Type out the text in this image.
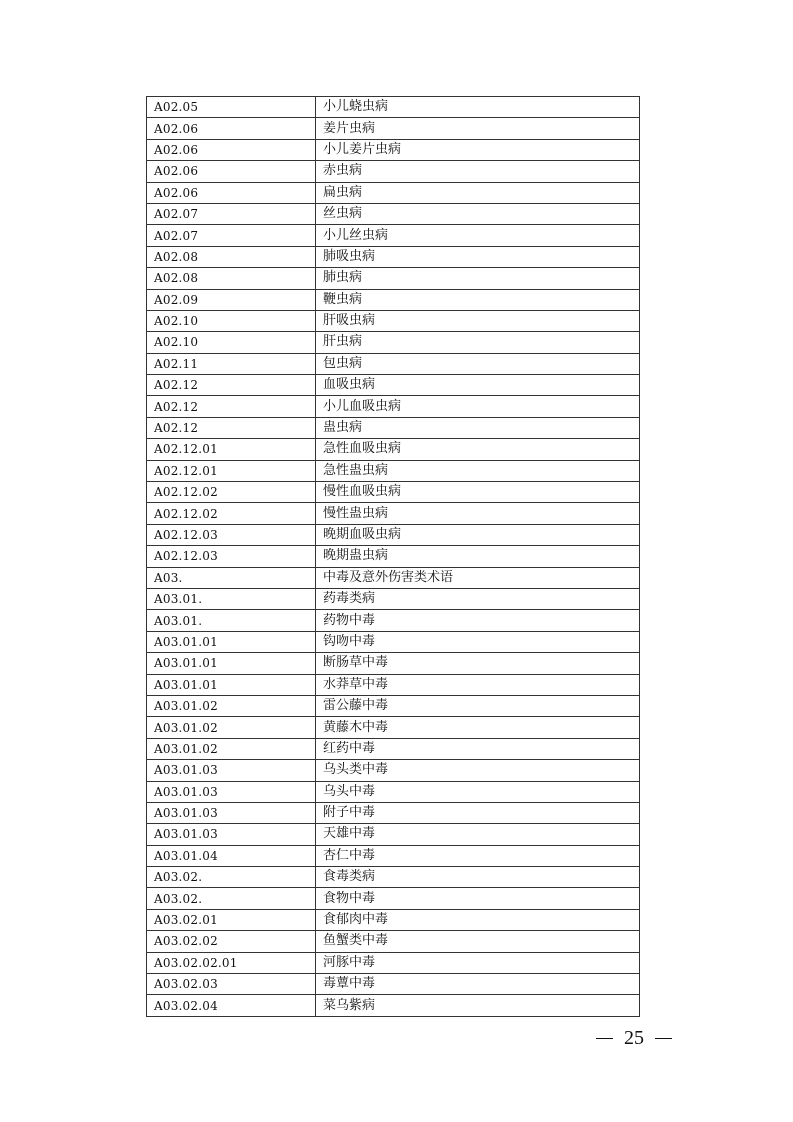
A02.05	小儿蛲虫病
A02.06	姜片虫病
A02.06	小儿姜片虫病
A02.06	赤虫病
A02.06	扁虫病
A02.07	丝虫病
A02.07	小儿丝虫病
A02.08	肺吸虫病
A02.08	肺虫病
A02.09	鞭虫病
A02.10	肝吸虫病
A02.10	肝虫病
A02.11	包虫病
A02.12	血吸虫病
A02.12	小儿血吸虫病
A02.12	蛊虫病
A02.12.01	急性血吸虫病
A02.12.01	急性蛊虫病
A02.12.02	慢性血吸虫病
A02.12.02	慢性蛊虫病
A02.12.03	晚期血吸虫病
A02.12.03	晚期蛊虫病
A03.	中毒及意外伤害类术语
A03.01.	药毒类病
A03.01.	药物中毒
A03.01.01	钩吻中毒
A03.01.01	断肠草中毒
A03.01.01	水莽草中毒
A03.01.02	雷公藤中毒
A03.01.02	黄藤木中毒
A03.01.02	红药中毒
A03.01.03	乌头类中毒
A03.01.03	乌头中毒
A03.01.03	附子中毒
A03.01.03	天雄中毒
A03.01.04	杏仁中毒
A03.02.	食毒类病
A03.02.	食物中毒
A03.02.01	食郁肉中毒
A03.02.02	鱼蟹类中毒
A03.02.02.01	河豚中毒
A03.02.03	毒蕈中毒
A03.02.04	菜乌紫病
25
